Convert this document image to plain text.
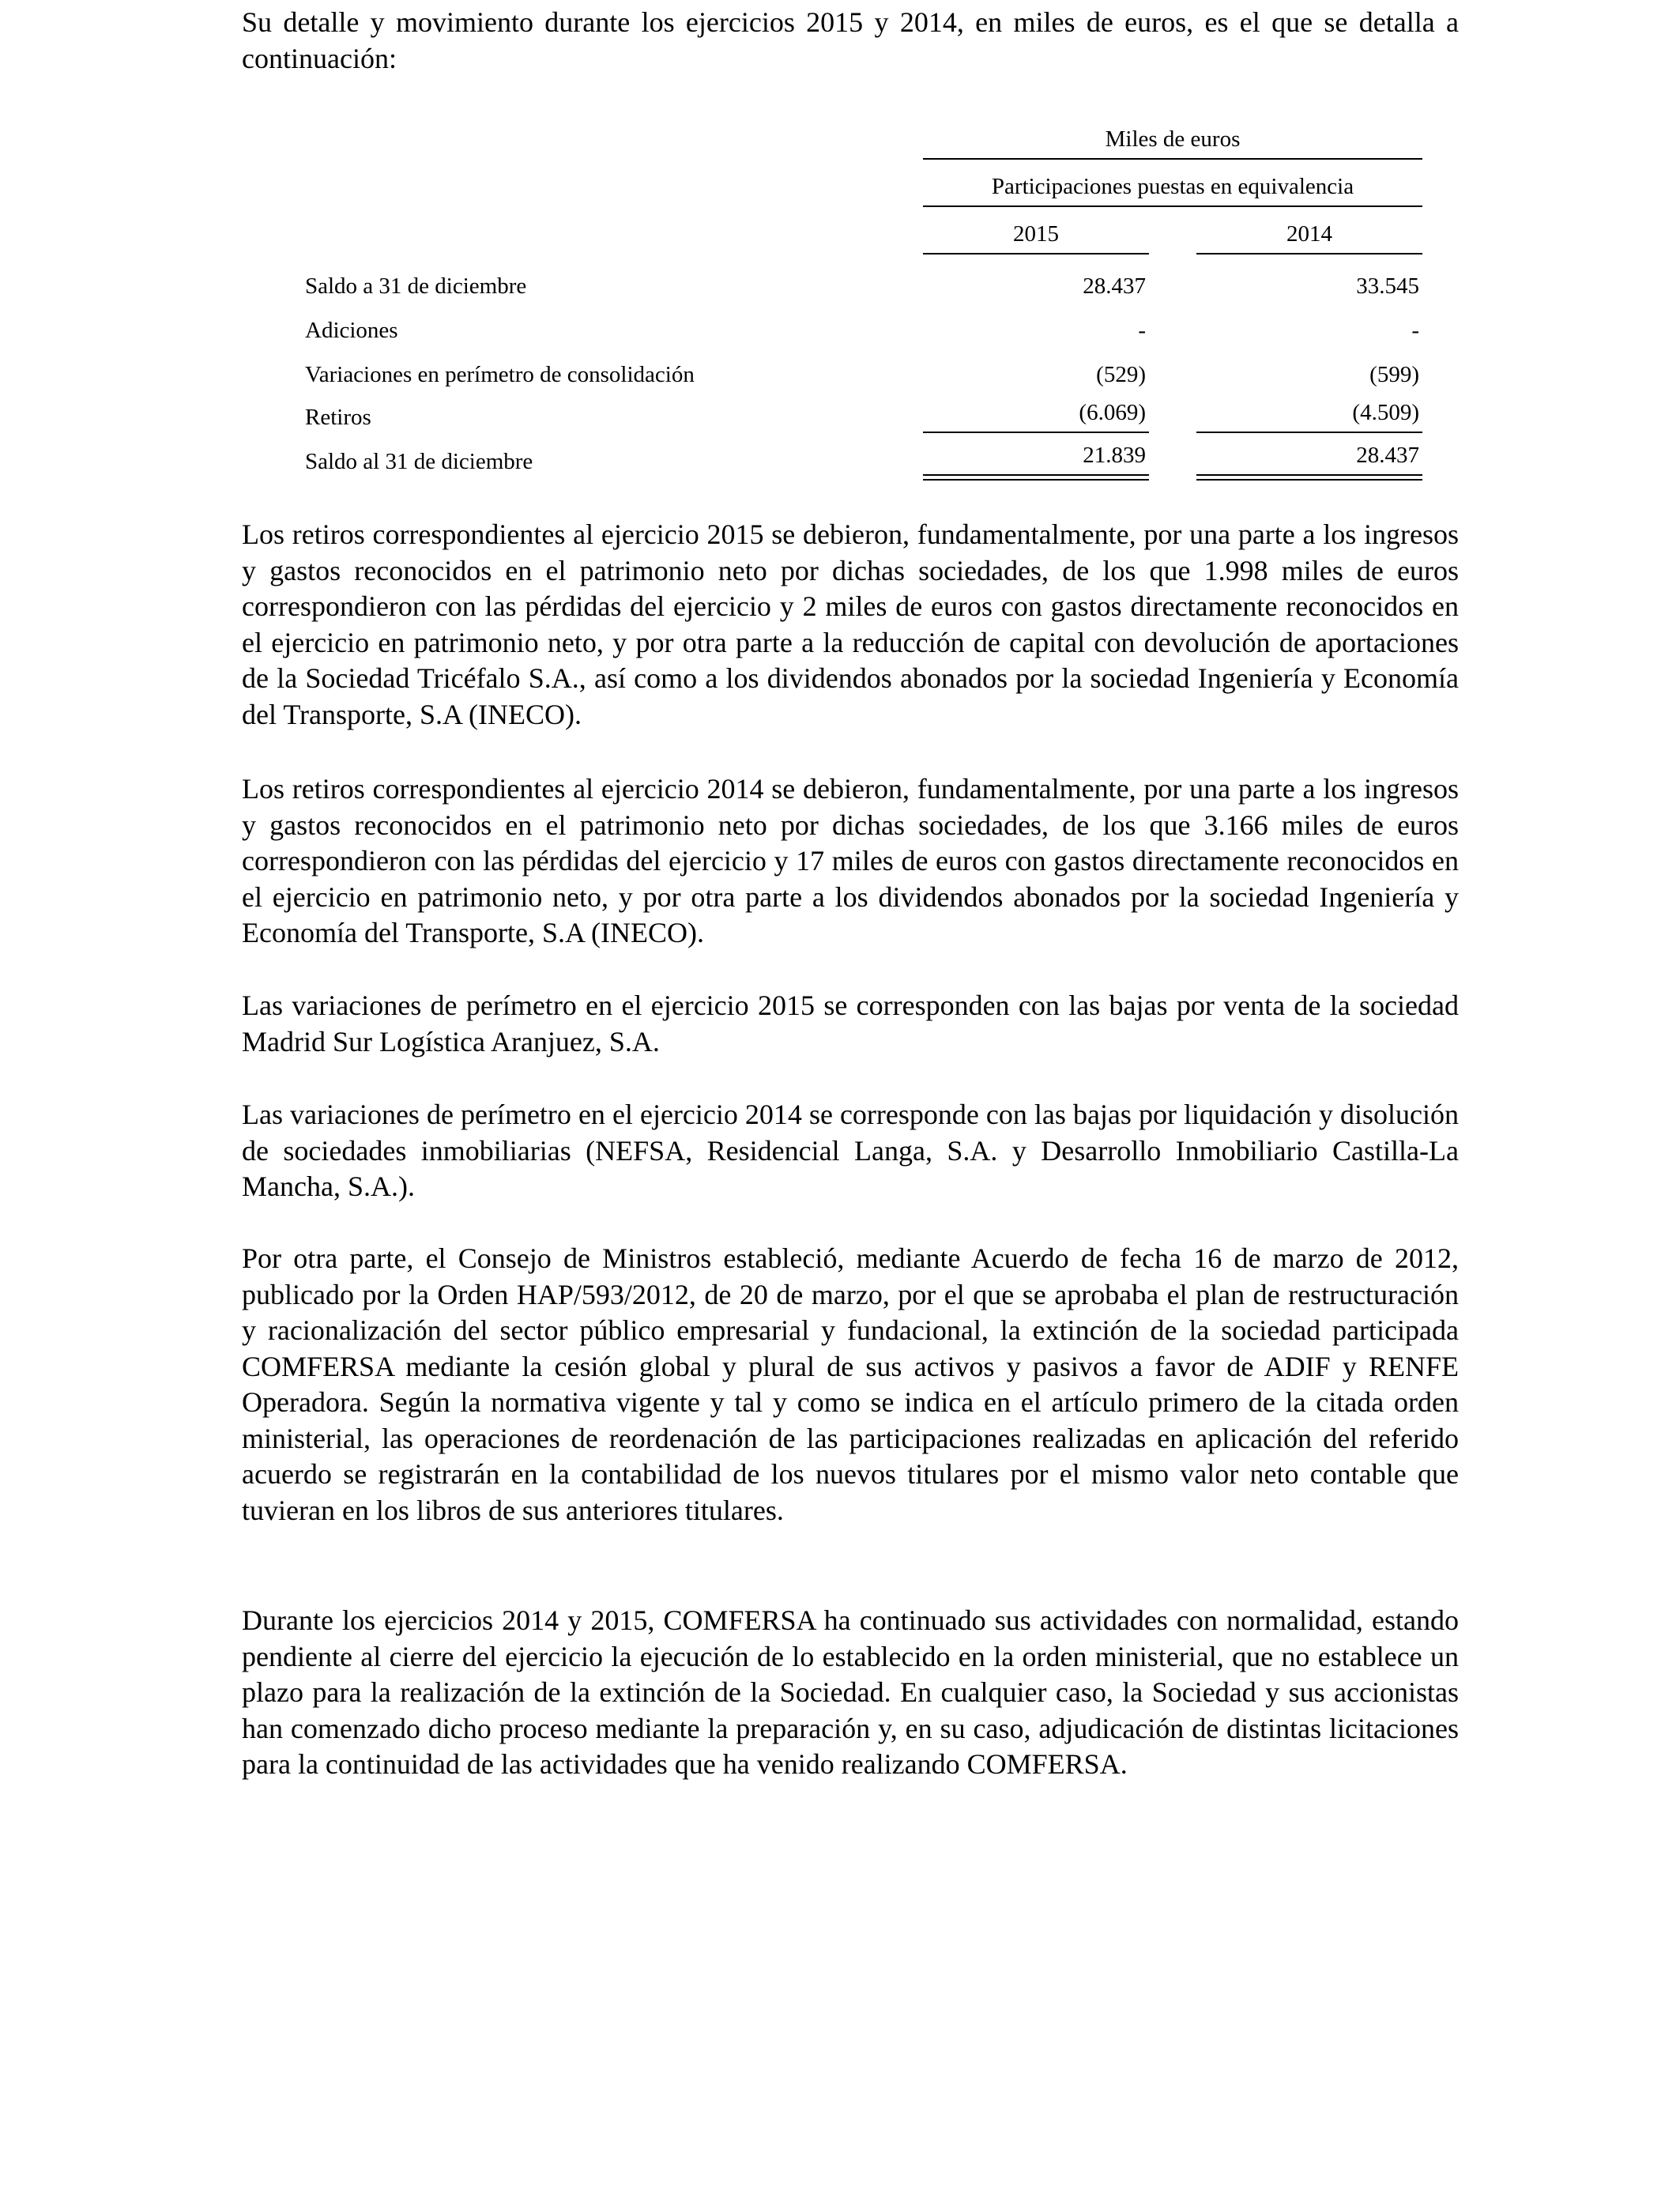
Su detalle y movimiento durante los ejercicios 2015 y 2014, en miles de euros, es el que se detalla a continuación:

Miles de euros
Participaciones puestas en equivalencia
2015	2014
Saldo a 31 de diciembre	28.437	33.545
Adiciones	-	-
Variaciones en perímetro de consolidación	(529)	(599)
Retiros	(6.069)	(4.509)
Saldo al 31 de diciembre	21.839	28.437

Los retiros correspondientes al ejercicio 2015 se debieron, fundamentalmente, por una parte a los ingresos y gastos reconocidos en el patrimonio neto por dichas sociedades, de los que 1.998 miles de euros correspondieron con las pérdidas del ejercicio y 2 miles de euros con gastos directamente reconocidos en el ejercicio en patrimonio neto, y por otra parte a la reducción de capital con devolución de aportaciones de la Sociedad Tricéfalo S.A., así como a los dividendos abonados por la sociedad Ingeniería y Economía del Transporte, S.A (INECO).

Los retiros correspondientes al ejercicio 2014 se debieron, fundamentalmente, por una parte a los ingresos y gastos reconocidos en el patrimonio neto por dichas sociedades, de los que 3.166 miles de euros correspondieron con las pérdidas del ejercicio y 17 miles de euros con gastos directamente reconocidos en el ejercicio en patrimonio neto, y por otra parte a los dividendos abonados por la sociedad Ingeniería y Economía del Transporte, S.A (INECO).

Las variaciones de perímetro en el ejercicio 2015 se corresponden con las bajas por venta de la sociedad Madrid Sur Logística Aranjuez, S.A.

Las variaciones de perímetro en el ejercicio 2014 se corresponde con las bajas por liquidación y disolución de sociedades inmobiliarias (NEFSA, Residencial Langa, S.A. y Desarrollo Inmobiliario Castilla-La Mancha, S.A.).

Por otra parte, el Consejo de Ministros estableció, mediante Acuerdo de fecha 16 de marzo de 2012, publicado por la Orden HAP/593/2012, de 20 de marzo, por el que se aprobaba el plan de restructuración y racionalización del sector público empresarial y fundacional, la extinción de la sociedad participada COMFERSA mediante la cesión global y plural de sus activos y pasivos a favor de ADIF y RENFE Operadora. Según la normativa vigente y tal y como se indica en el artículo primero de la citada orden ministerial, las operaciones de reordenación de las participaciones realizadas en aplicación del referido acuerdo se registrarán en la contabilidad de los nuevos titulares por el mismo valor neto contable que tuvieran en los libros de sus anteriores titulares.

Durante los ejercicios 2014 y 2015, COMFERSA ha continuado sus actividades con normalidad, estando pendiente al cierre del ejercicio la ejecución de lo establecido en la orden ministerial, que no establece un plazo para la realización de la extinción de la Sociedad. En cualquier caso, la Sociedad y sus accionistas han comenzado dicho proceso mediante la preparación y, en su caso, adjudicación de distintas licitaciones para la continuidad de las actividades que ha venido realizando COMFERSA.
